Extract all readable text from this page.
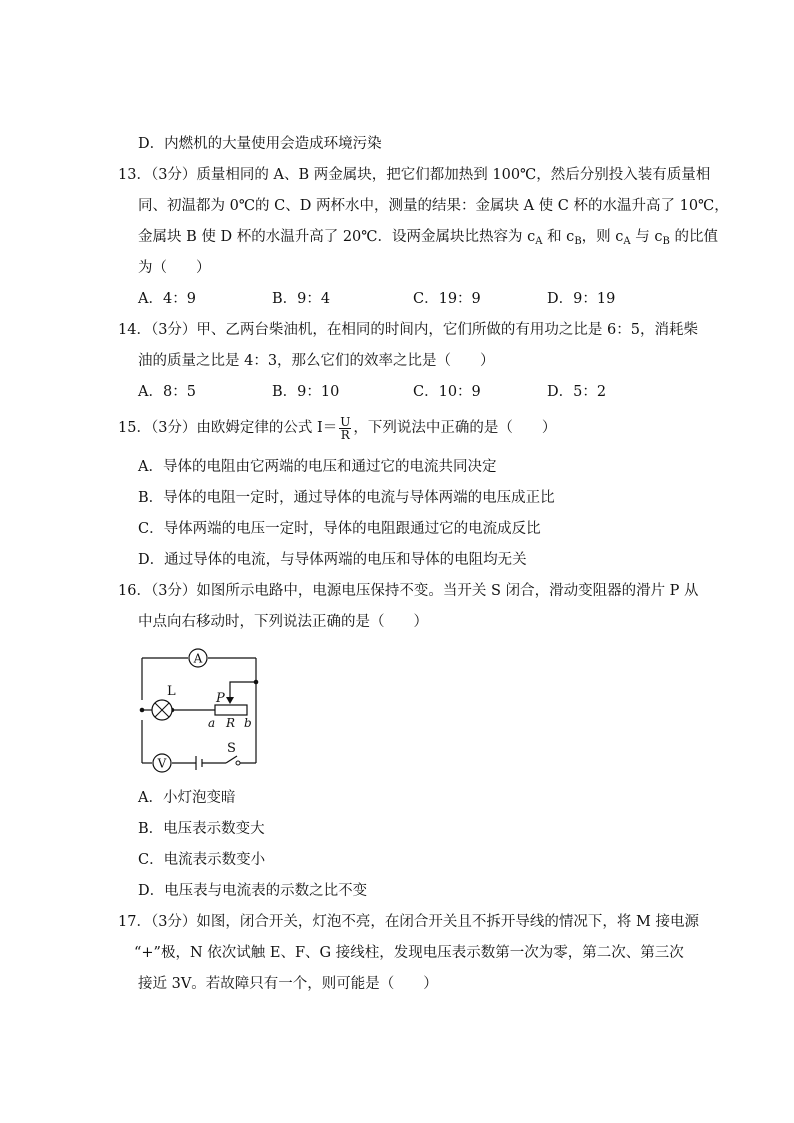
D．内燃机的大量使用会造成环境污染
13．（3分）质量相同的 A、B 两金属块，把它们都加热到 100℃，然后分别投入装有质量相
同、初温都为 0℃的 C、D 两杯水中，测量的结果：金属块 A 使 C 杯的水温升高了 10℃，
金属块 B 使 D 杯的水温升高了 20℃．设两金属块比热容为 $c_A$ 和 $c_B$，则 $c_A$ 与 $c_B$ 的比值
为（　　）
A．4：9	B．9：4	C．19：9	D．9：19
14．（3分）甲、乙两台柴油机，在相同的时间内，它们所做的有用功之比是 6：5，消耗柴
油的质量之比是 4：3，那么它们的效率之比是（　　）
A．8：5	B．9：10	C．10：9	D．5：2
15．（3分）由欧姆定律的公式 $I= \frac{U}{R}$ ，下列说法中正确的是（　　）
A．导体的电阻由它两端的电压和通过它的电流共同决定
B．导体的电阻一定时，通过导体的电流与导体两端的电压成正比
C．导体两端的电压一定时，导体的电阻跟通过它的电流成反比
D．通过导体的电流，与导体两端的电压和导体的电阻均无关
16．（3分）如图所示电路中，电源电压保持不变。当开关 S 闭合，滑动变阻器的滑片 P 从
中点向右移动时，下列说法正确的是（　　）
A
V
L	P
a R b
S
A．小灯泡变暗
B．电压表示数变大
C．电流表示数变小
D．电压表与电流表的示数之比不变
17．（3分）如图，闭合开关，灯泡不亮，在闭合开关且不拆开导线的情况下，将 M 接电源
“+”极，N 依次试触 E、F、G 接线柱，发现电压表示数第一次为零，第二次、第三次
接近 3V。若故障只有一个，则可能是（　　）
